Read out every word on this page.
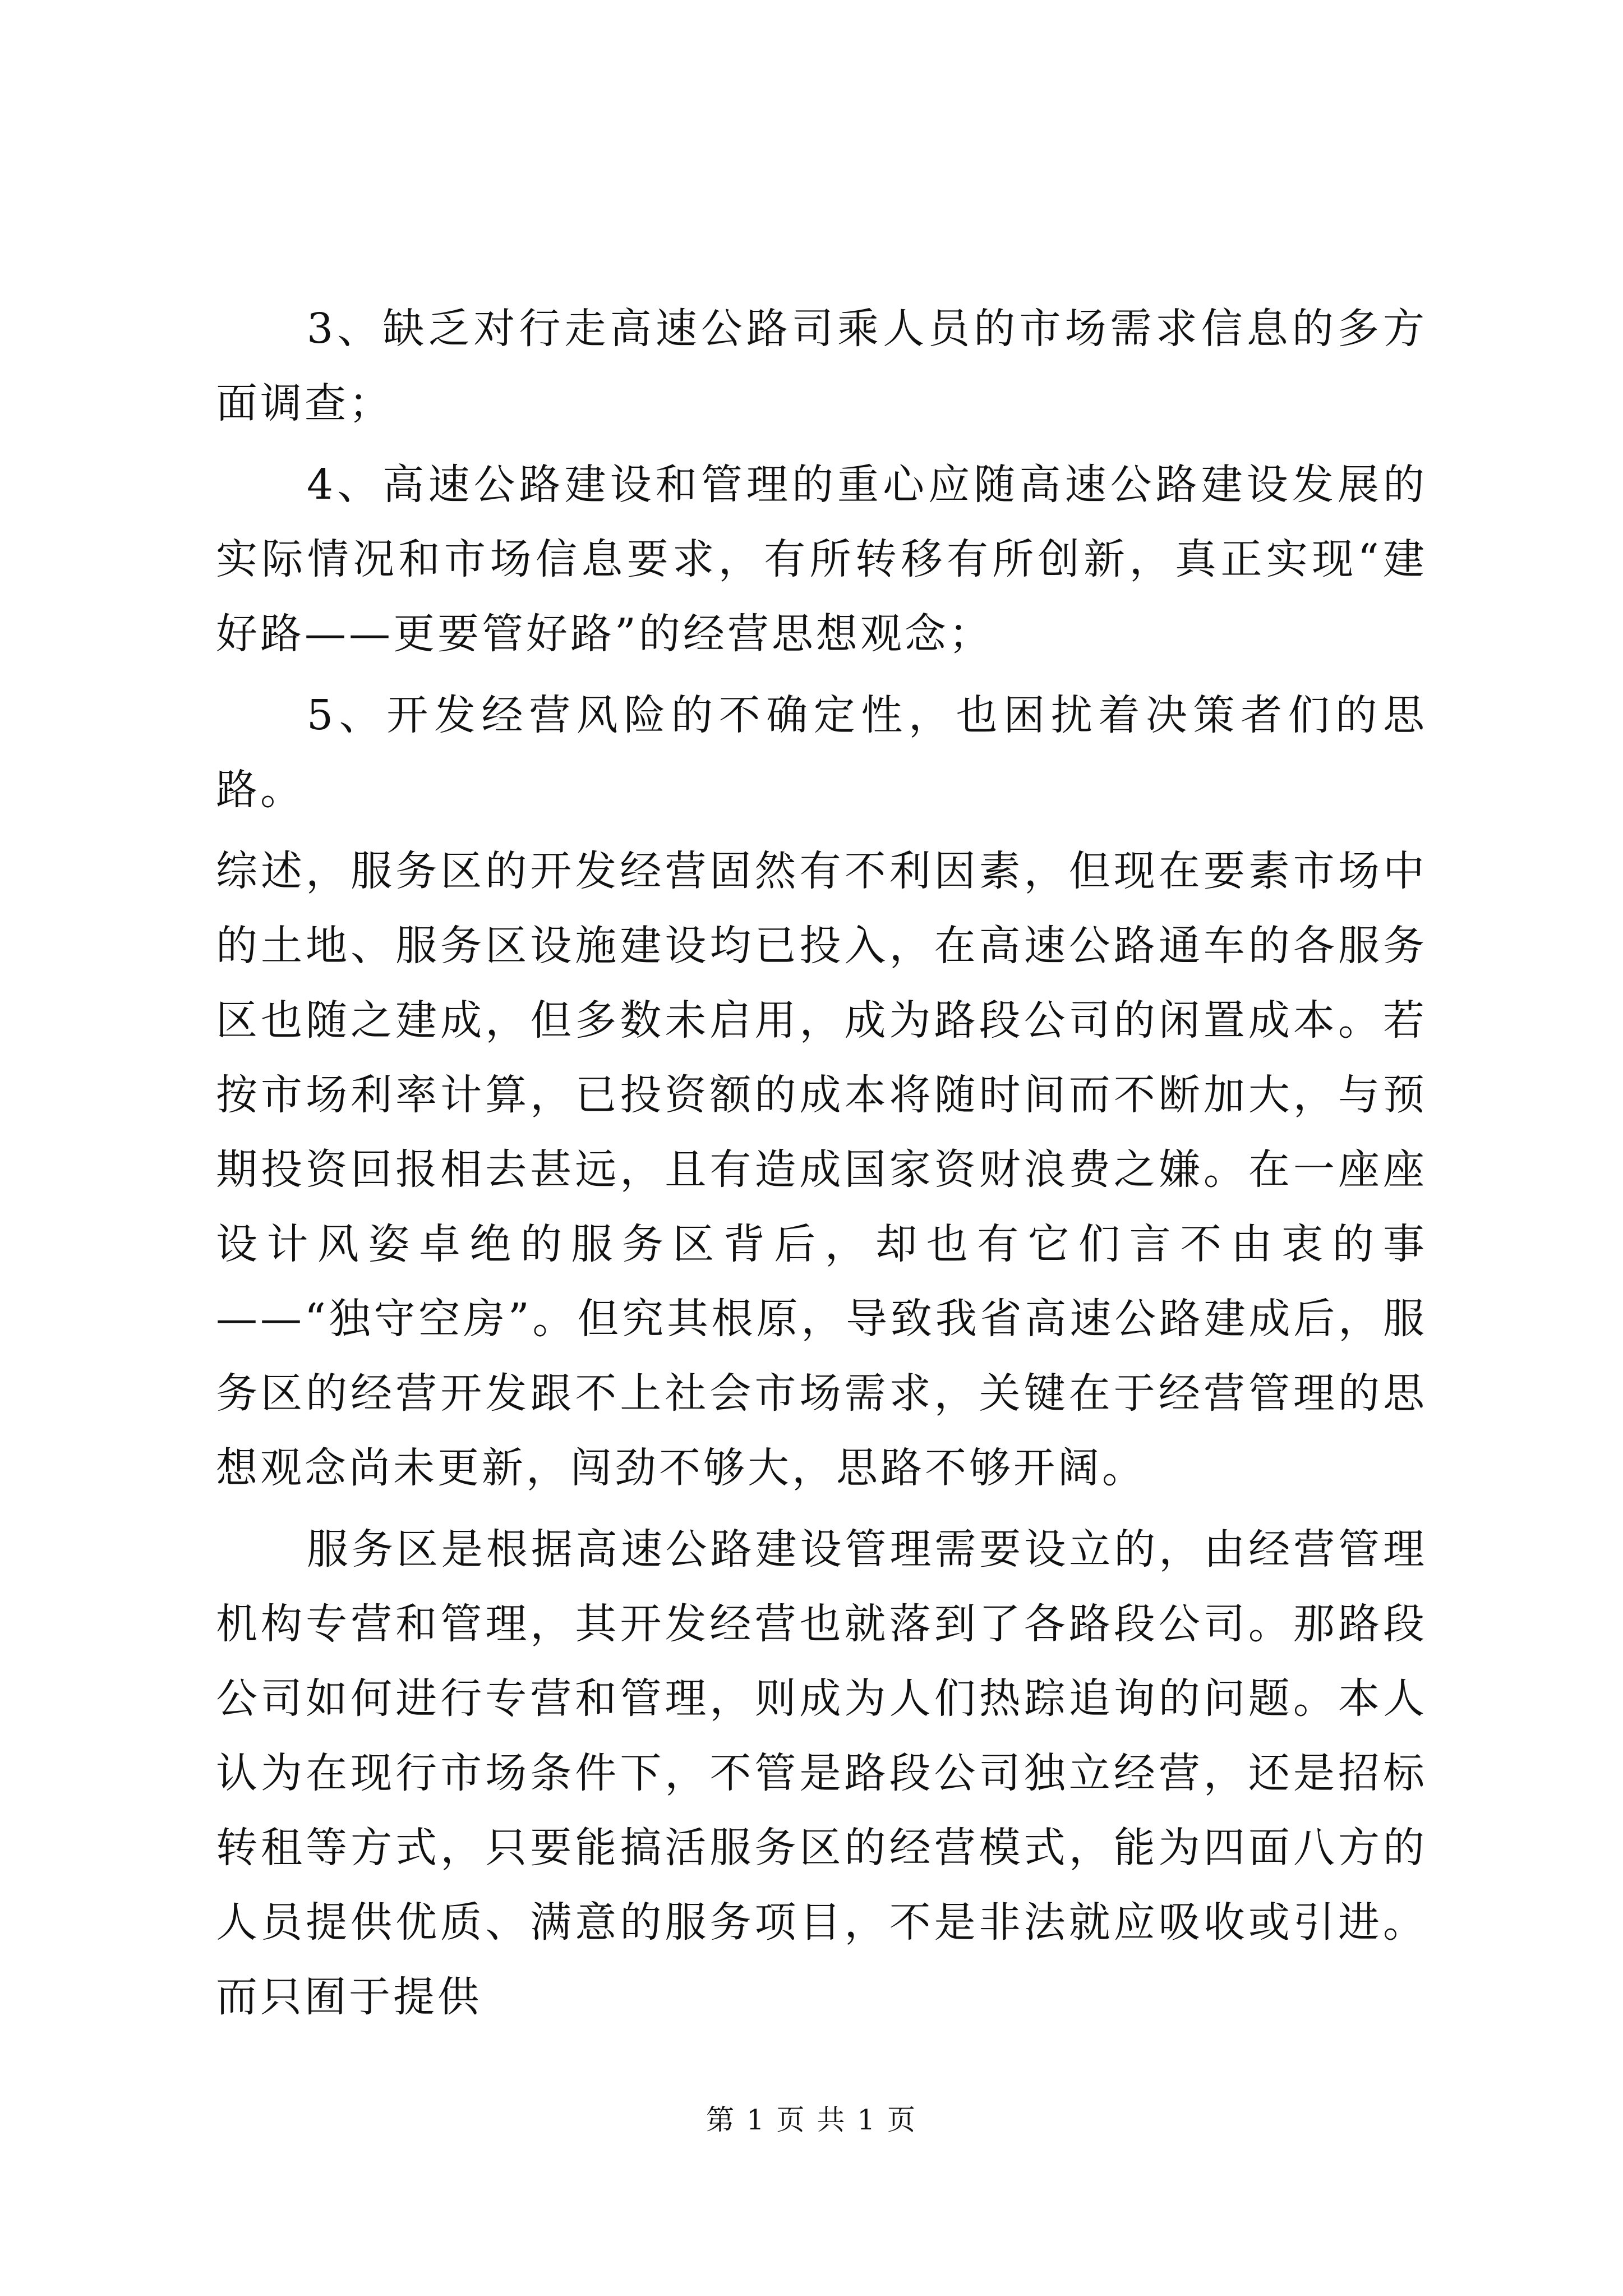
3、缺乏对行走高速公路司乘人员的市场需求信息的多方面调查；

4、高速公路建设和管理的重心应随高速公路建设发展的实际情况和市场信息要求，有所转移有所创新，真正实现“建好路——更要管好路”的经营思想观念；

5、开发经营风险的不确定性，也困扰着决策者们的思路。

综述，服务区的开发经营固然有不利因素，但现在要素市场中的土地、服务区设施建设均已投入，在高速公路通车的各服务区也随之建成，但多数未启用，成为路段公司的闲置成本。若按市场利率计算，已投资额的成本将随时间而不断加大，与预期投资回报相去甚远，且有造成国家资财浪费之嫌。在一座座设计风姿卓绝的服务区背后，却也有它们言不由衷的事——“独守空房”。但究其根原，导致我省高速公路建成后，服务区的经营开发跟不上社会市场需求，关键在于经营管理的思想观念尚未更新，闯劲不够大，思路不够开阔。

服务区是根据高速公路建设管理需要设立的，由经营管理机构专营和管理，其开发经营也就落到了各路段公司。那路段公司如何进行专营和管理，则成为人们热踪追询的问题。本人认为在现行市场条件下，不管是路段公司独立经营，还是招标转租等方式，只要能搞活服务区的经营模式，能为四面八方的人员提供优质、满意的服务项目，不是非法就应吸收或引进。而只囿于提供

第 1 页 共 1 页
